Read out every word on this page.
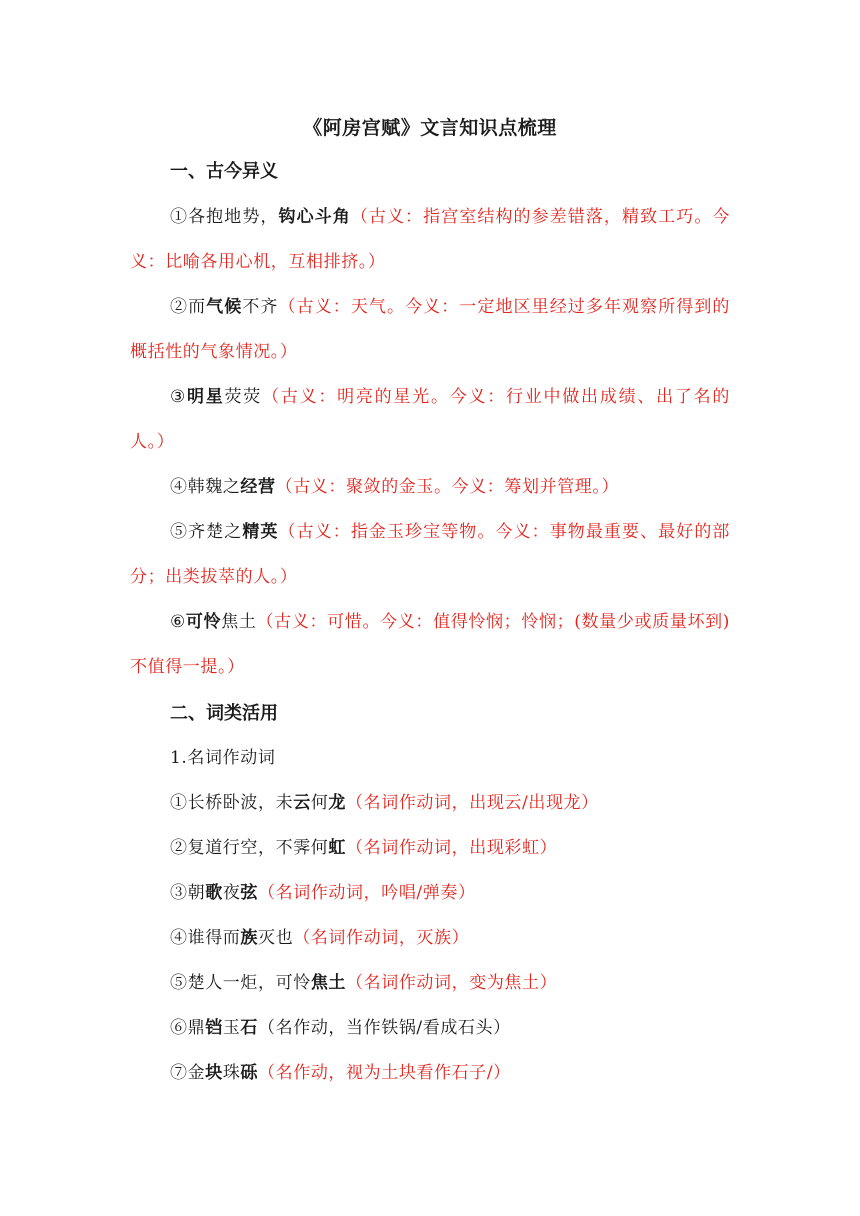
《阿房宫赋》文言知识点梳理
一、古今异义
①各抱地势，钩心斗角（古义：指宫室结构的参差错落，精致工巧。今义：比喻各用心机，互相排挤。）
②而气候不齐（古义：天气。今义：一定地区里经过多年观察所得到的概括性的气象情况。）
③明星荧荧（古义：明亮的星光。今义：行业中做出成绩、出了名的人。）
④韩魏之经营（古义：聚敛的金玉。今义：筹划并管理。）
⑤齐楚之精英（古义：指金玉珍宝等物。今义：事物最重要、最好的部分；出类拔萃的人。）
⑥可怜焦土（古义：可惜。今义：值得怜悯；怜悯；(数量少或质量坏到)不值得一提。）
二、词类活用
1.名词作动词
①长桥卧波，未云何龙（名词作动词，出现云/出现龙）
②复道行空，不霁何虹（名词作动词，出现彩虹）
③朝歌夜弦（名词作动词，吟唱/弹奏）
④谁得而族灭也（名词作动词，灭族）
⑤楚人一炬，可怜焦土（名词作动词，变为焦土）
⑥鼎铛玉石（名作动，当作铁锅/看成石头）
⑦金块珠砾（名作动，视为土块看作石子/）
